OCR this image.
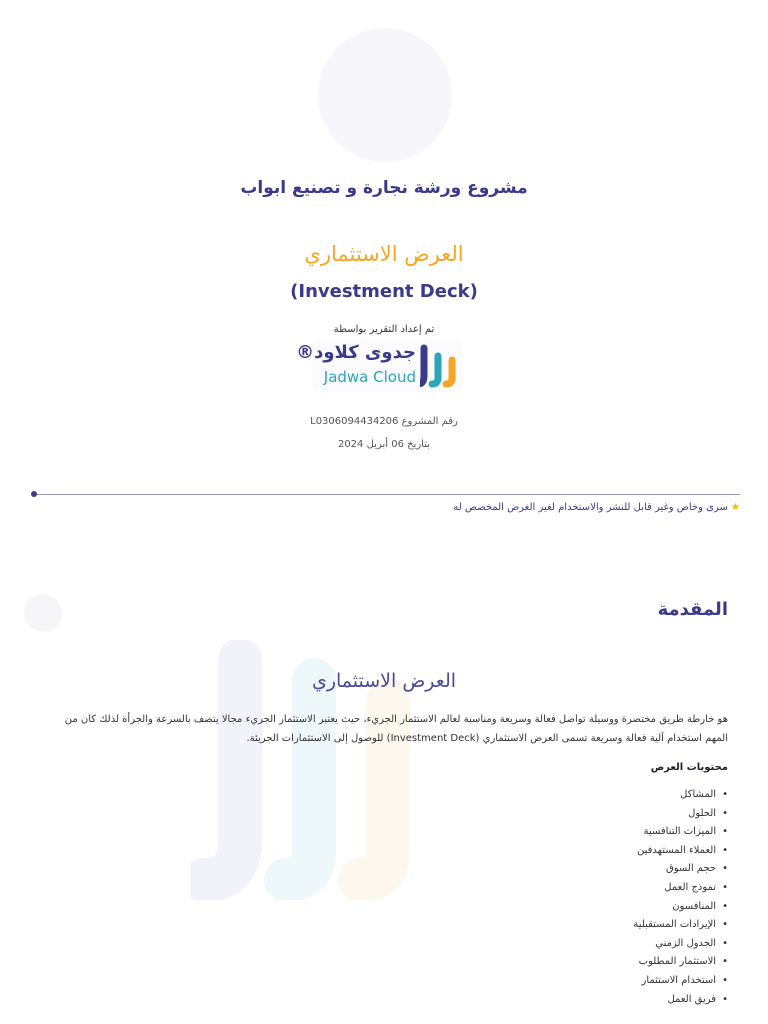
مشروع ورشة نجارة و تصنيع ابواب
العرض الاستثماري
(Investment Deck)
تم إعداد التقرير بواسطة
جدوى كلاود®
Jadwa Cloud
رقم المشروع L0306094434206
بتاريخ 06 أبريل 2024
★ سرى وخاص وغير قابل للنشر والاستخدام لغير الغرض المخصص له
المقدمة
العرض الاستثماري
هو خارطة طريق مختصرة ووسيلة تواصل فعالة وسريعة ومناسبة لعالم الاستثمار الجريء، حيث يعتبر الاستثمار الجريء مجالا يتصف بالسرعة والجرأة لذلك كان من المهم استخدام آلية فعالة وسريعة تسمى العرض الاستثماري (Investment Deck) للوصول إلى الاستثمارات الجريئة.
محتويات العرض
• المشاكل
• الحلول
• الميزات التنافسية
• العملاء المستهدفين
• حجم السوق
• نموذج العمل
• المنافسون
• الإيرادات المستقبلية
• الجدول الزمني
• الاستثمار المطلوب
• استخدام الاستثمار
• فريق العمل
